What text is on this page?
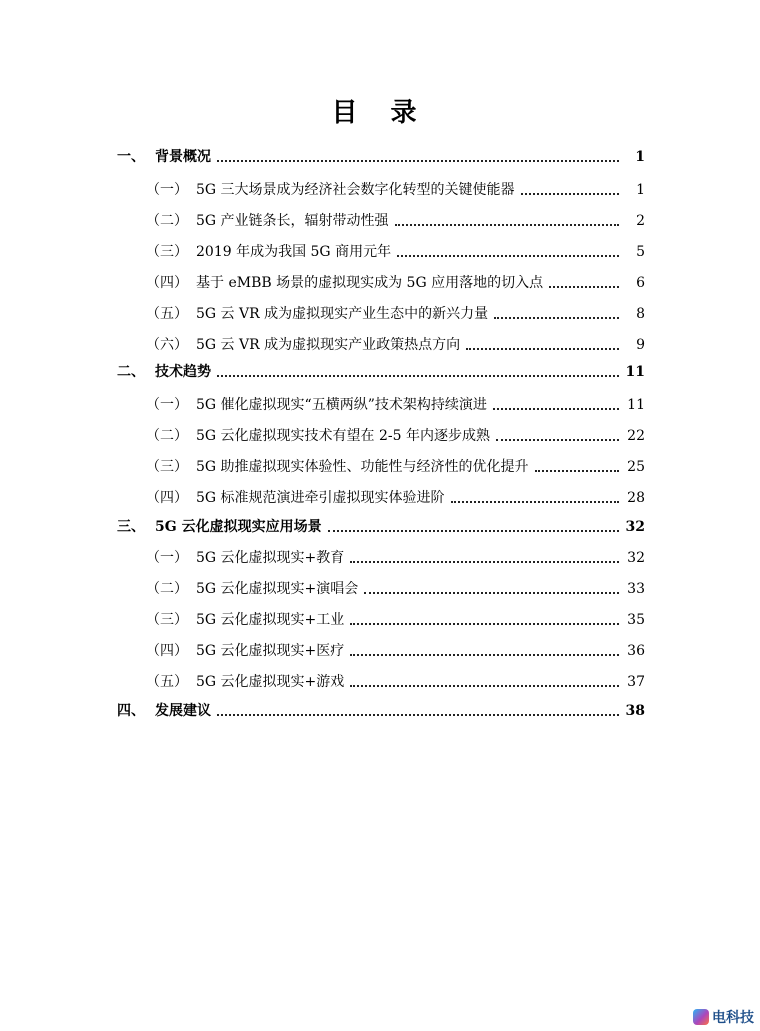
目 录
一、 背景概况	1
（一） 5G 三大场景成为经济社会数字化转型的关键使能器	1
（二） 5G 产业链条长，辐射带动性强	2
（三） 2019 年成为我国 5G 商用元年	5
（四） 基于 eMBB 场景的虚拟现实成为 5G 应用落地的切入点	6
（五） 5G 云 VR 成为虚拟现实产业生态中的新兴力量	8
（六） 5G 云 VR 成为虚拟现实产业政策热点方向	9
二、 技术趋势	11
（一） 5G 催化虚拟现实“五横两纵”技术架构持续演进	11
（二） 5G 云化虚拟现实技术有望在 2-5 年内逐步成熟	22
（三） 5G 助推虚拟现实体验性、功能性与经济性的优化提升	25
（四） 5G 标准规范演进牵引虚拟现实体验进阶	28
三、 5G 云化虚拟现实应用场景	32
（一） 5G 云化虚拟现实+教育	32
（二） 5G 云化虚拟现实+演唱会	33
（三） 5G 云化虚拟现实+工业	35
（四） 5G 云化虚拟现实+医疗	36
（五） 5G 云化虚拟现实+游戏	37
四、 发展建议	38
电科技
